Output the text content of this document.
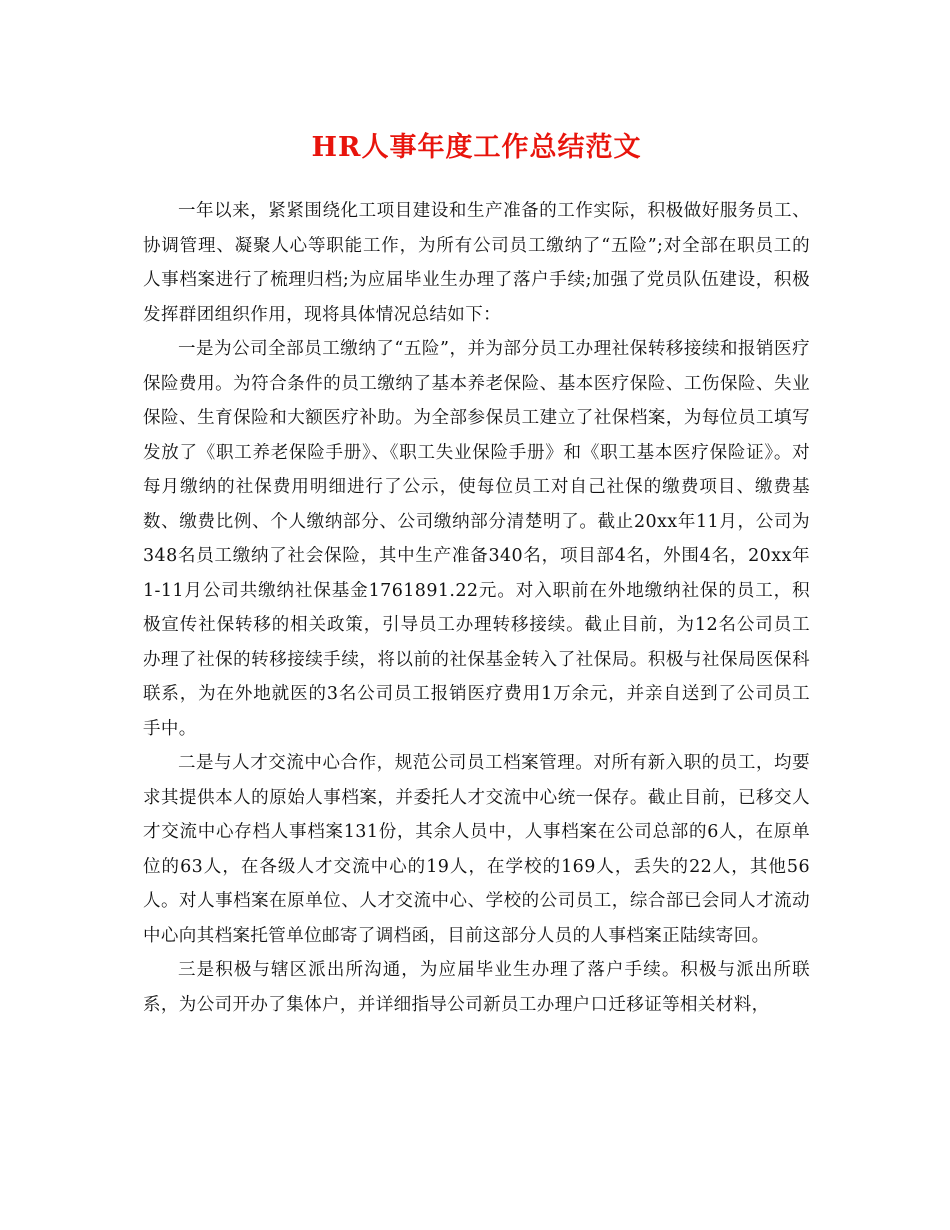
HR人事年度工作总结范文

一年以来，紧紧围绕化工项目建设和生产准备的工作实际，积极做好服务员工、协调管理、凝聚人心等职能工作，为所有公司员工缴纳了“五险”;对全部在职员工的人事档案进行了梳理归档;为应届毕业生办理了落户手续;加强了党员队伍建设，积极发挥群团组织作用，现将具体情况总结如下：

一是为公司全部员工缴纳了“五险”，并为部分员工办理社保转移接续和报销医疗保险费用。为符合条件的员工缴纳了基本养老保险、基本医疗保险、工伤保险、失业保险、生育保险和大额医疗补助。为全部参保员工建立了社保档案，为每位员工填写发放了《职工养老保险手册》、《职工失业保险手册》和《职工基本医疗保险证》。对每月缴纳的社保费用明细进行了公示，使每位员工对自己社保的缴费项目、缴费基数、缴费比例、个人缴纳部分、公司缴纳部分清楚明了。截止20xx年11月，公司为348名员工缴纳了社会保险，其中生产准备340名，项目部4名，外围4名，20xx年1-11月公司共缴纳社保基金1761891.22元。对入职前在外地缴纳社保的员工，积极宣传社保转移的相关政策，引导员工办理转移接续。截止目前，为12名公司员工办理了社保的转移接续手续，将以前的社保基金转入了社保局。积极与社保局医保科联系，为在外地就医的3名公司员工报销医疗费用1万余元，并亲自送到了公司员工手中。

二是与人才交流中心合作，规范公司员工档案管理。对所有新入职的员工，均要求其提供本人的原始人事档案，并委托人才交流中心统一保存。截止目前，已移交人才交流中心存档人事档案131份，其余人员中，人事档案在公司总部的6人，在原单位的63人，在各级人才交流中心的19人，在学校的169人，丢失的22人，其他56人。对人事档案在原单位、人才交流中心、学校的公司员工，综合部已会同人才流动中心向其档案托管单位邮寄了调档函，目前这部分人员的人事档案正陆续寄回。

三是积极与辖区派出所沟通，为应届毕业生办理了落户手续。积极与派出所联系，为公司开办了集体户，并详细指导公司新员工办理户口迁移证等相关材料，
